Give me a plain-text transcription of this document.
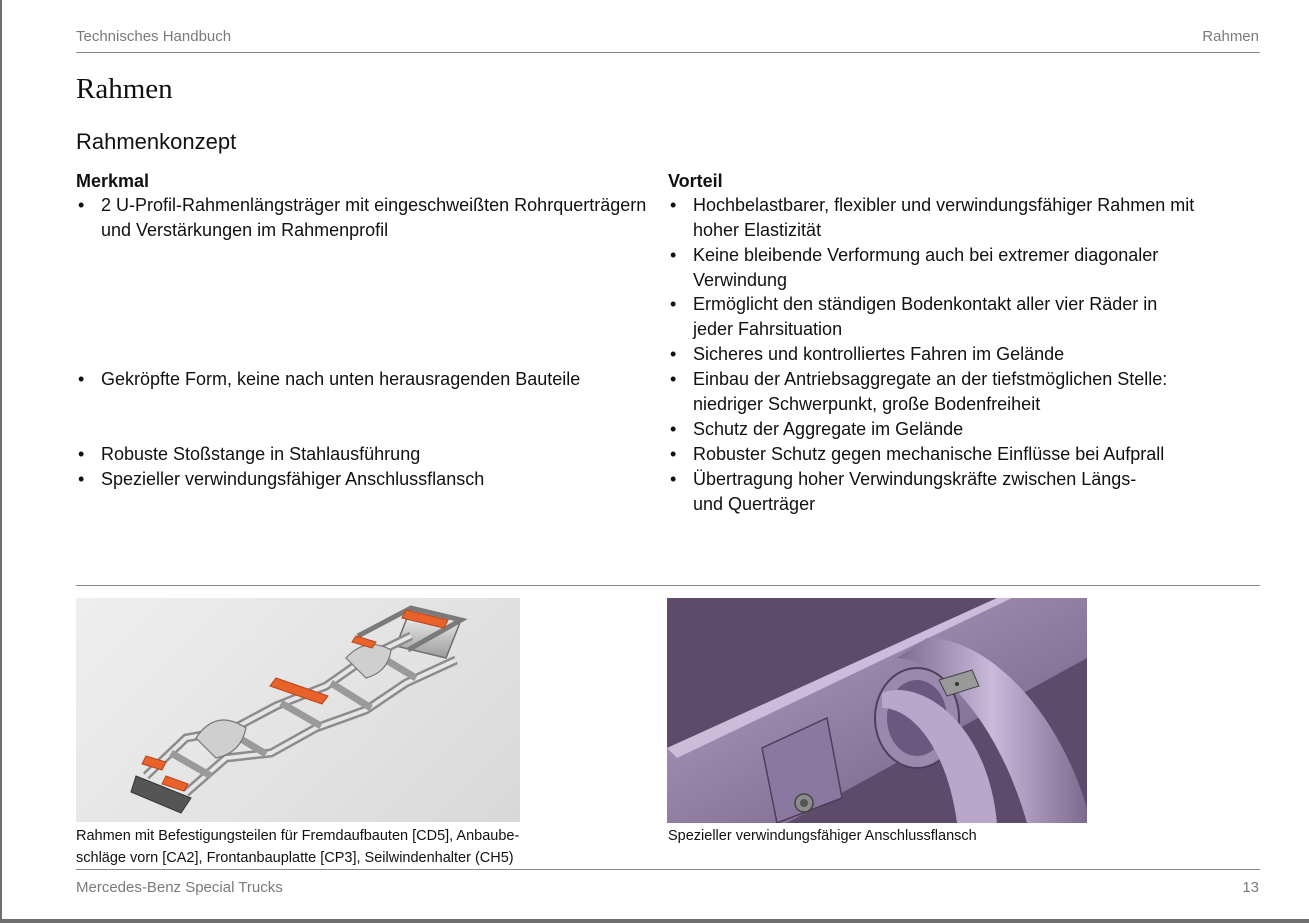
Technisches Handbuch	Rahmen
Rahmen
Rahmenkonzept
Merkmal
• 2 U-Profil-Rahmenlängsträger mit eingeschweißten Rohrquerträgern
und Verstärkungen im Rahmenprofil
• Gekröpfte Form, keine nach unten herausragenden Bauteile
• Robuste Stoßstange in Stahlausführung
• Spezieller verwindungsfähiger Anschlussflansch
Vorteil
• Hochbelastbarer, flexibler und verwindungsfähiger Rahmen mit
hoher Elastizität
• Keine bleibende Verformung auch bei extremer diagonaler
Verwindung
• Ermöglicht den ständigen Bodenkontakt aller vier Räder in
jeder Fahrsituation
• Sicheres und kontrolliertes Fahren im Gelände
• Einbau der Antriebsaggregate an der tiefstmöglichen Stelle:
niedriger Schwerpunkt, große Bodenfreiheit
• Schutz der Aggregate im Gelände
• Robuster Schutz gegen mechanische Einflüsse bei Aufprall
• Übertragung hoher Verwindungskräfte zwischen Längs-
und Querträger
Rahmen mit Befestigungsteilen für Fremdaufbauten [CD5], Anbaube-
schläge vorn [CA2], Frontanbauplatte [CP3], Seilwindenhalter (CH5)
Spezieller verwindungsfähiger Anschlussflansch
Mercedes-Benz Special Trucks	13
